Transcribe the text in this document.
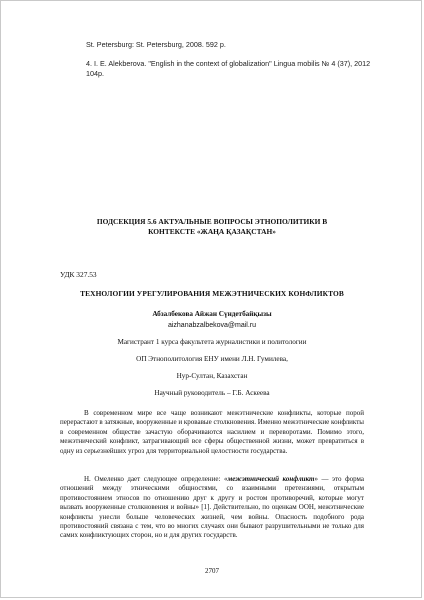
St. Petersburg: St. Petersburg, 2008. 592 p.
4. I. E. Alekberova. "English in the context of globalization" Lingua mobilis № 4 (37), 2012 104p.
ПОДСЕКЦИЯ 5.6 АКТУАЛЬНЫЕ ВОПРОСЫ ЭТНОПОЛИТИКИ В
КОНТЕКСТЕ «ЖАҢА ҚАЗАҚСТАН»
УДК 327.53
ТЕХНОЛОГИИ УРЕГУЛИРОВАНИЯ МЕЖЭТНИЧЕСКИХ КОНФЛИКТОВ
Абзалбекова Айжан Сүндетбайқызы
aizhanabzalbekova@mail.ru
Магистрант 1 курса факультета журналистики и политологии
ОП Этнополитология ЕНУ имени Л.Н. Гумилева,
Нур-Султан, Казахстан
Научный руководитель – Г.Б. Аскеева
В современном мире все чаще возникают межэтнические конфликты, которые порой перерастают в затяжные, вооруженные и кровавые столкновения. Именно межэтнические конфликты в современном обществе зачастую оборачиваются насилием и переворотами. Помимо этого, межэтнический конфликт, затрагивающий все сферы общественной жизни, может превратиться в одну из серьезнейших угроз для территориальной целостности государства.
Н. Омеленко дает следующее определение: «межэтнический конфликт» — это форма отношений между этническими общностями, со взаимными претензиями, открытым противостоянием этносов по отношению друг к другу и ростом противоречий, которые могут вызвать вооруженные столкновения и войны» [1]. Действительно, по оценкам ООН, межэтнические конфликты унесли больше человеческих жизней, чем войны. Опасность подобного рода противостояний связана с тем, что во многих случаях они бывают разрушительными не только для самих конфликтующих сторон, но и для других государств.
2707
